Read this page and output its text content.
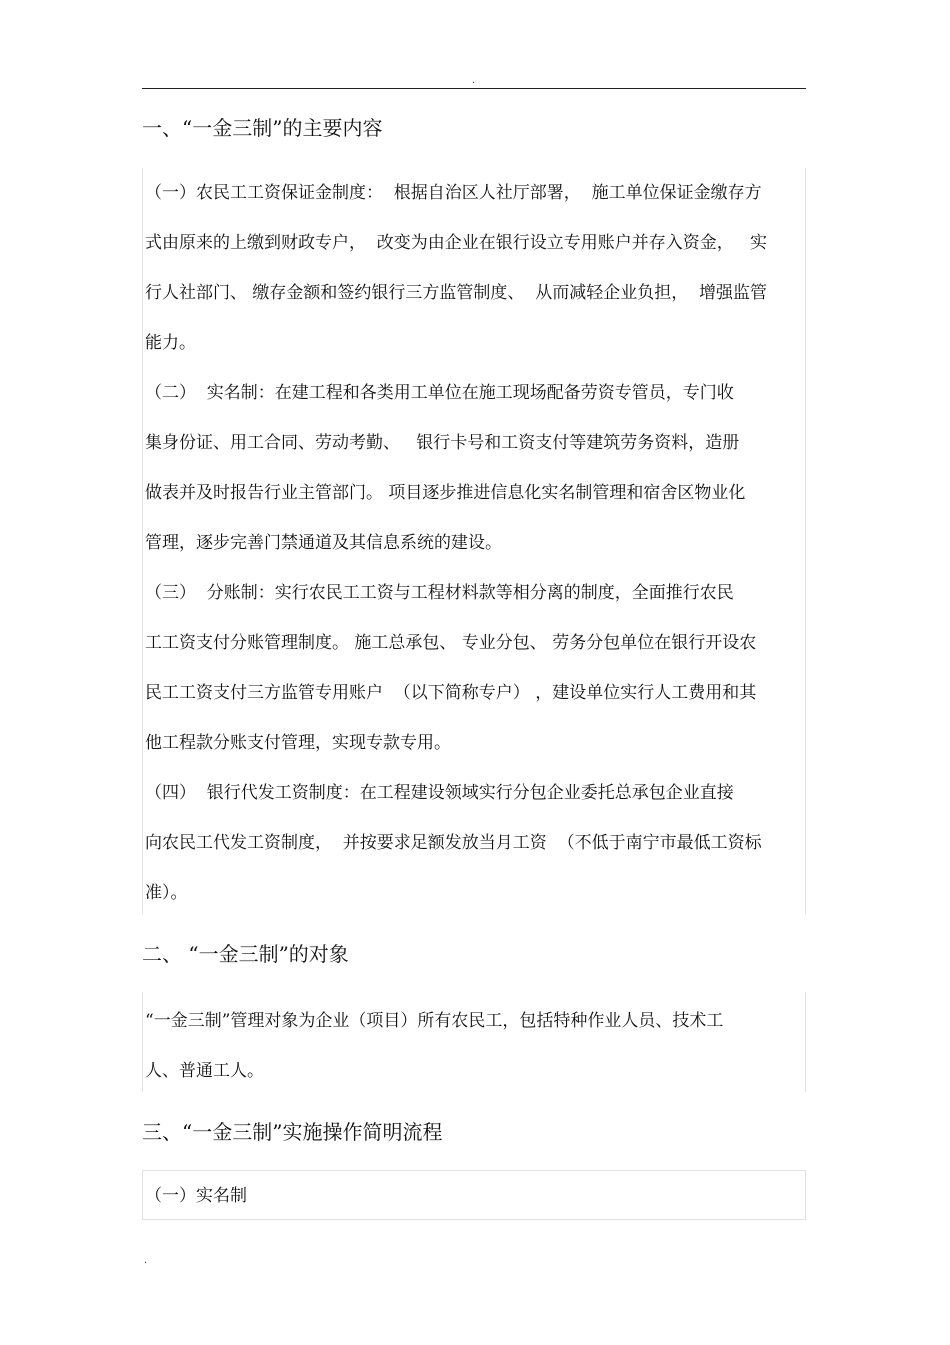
.
一、“一金三制”的主要内容
（一）农民工工资保证金制度：  根据自治区人社厅部署，  施工单位保证金缴存方
式由原来的上缴到财政专户，  改变为由企业在银行设立专用账户并存入资金，   实
行人社部门、 缴存金额和签约银行三方监管制度、  从而减轻企业负担，  增强监管
能力。
（二）  实名制：在建工程和各类用工单位在施工现场配备劳资专管员，专门收
集身份证、用工合同、劳动考勤、   银行卡号和工资支付等建筑劳务资料，造册
做表并及时报告行业主管部门。 项目逐步推进信息化实名制管理和宿舍区物业化
管理，逐步完善门禁通道及其信息系统的建设。
（三）  分账制：实行农民工工资与工程材料款等相分离的制度，全面推行农民
工工资支付分账管理制度。 施工总承包、 专业分包、 劳务分包单位在银行开设农
民工工资支付三方监管专用账户  （以下简称专户） ，建设单位实行人工费用和其
他工程款分账支付管理，实现专款专用。
（四）  银行代发工资制度：在工程建设领域实行分包企业委托总承包企业直接
向农民工代发工资制度，  并按要求足额发放当月工资  （不低于南宁市最低工资标
准）。
二、 “一金三制”的对象
“一金三制”管理对象为企业（项目）所有农民工，包括特种作业人员、技术工
人、普通工人。
三、“一金三制”实施操作简明流程
（一）实名制
.
